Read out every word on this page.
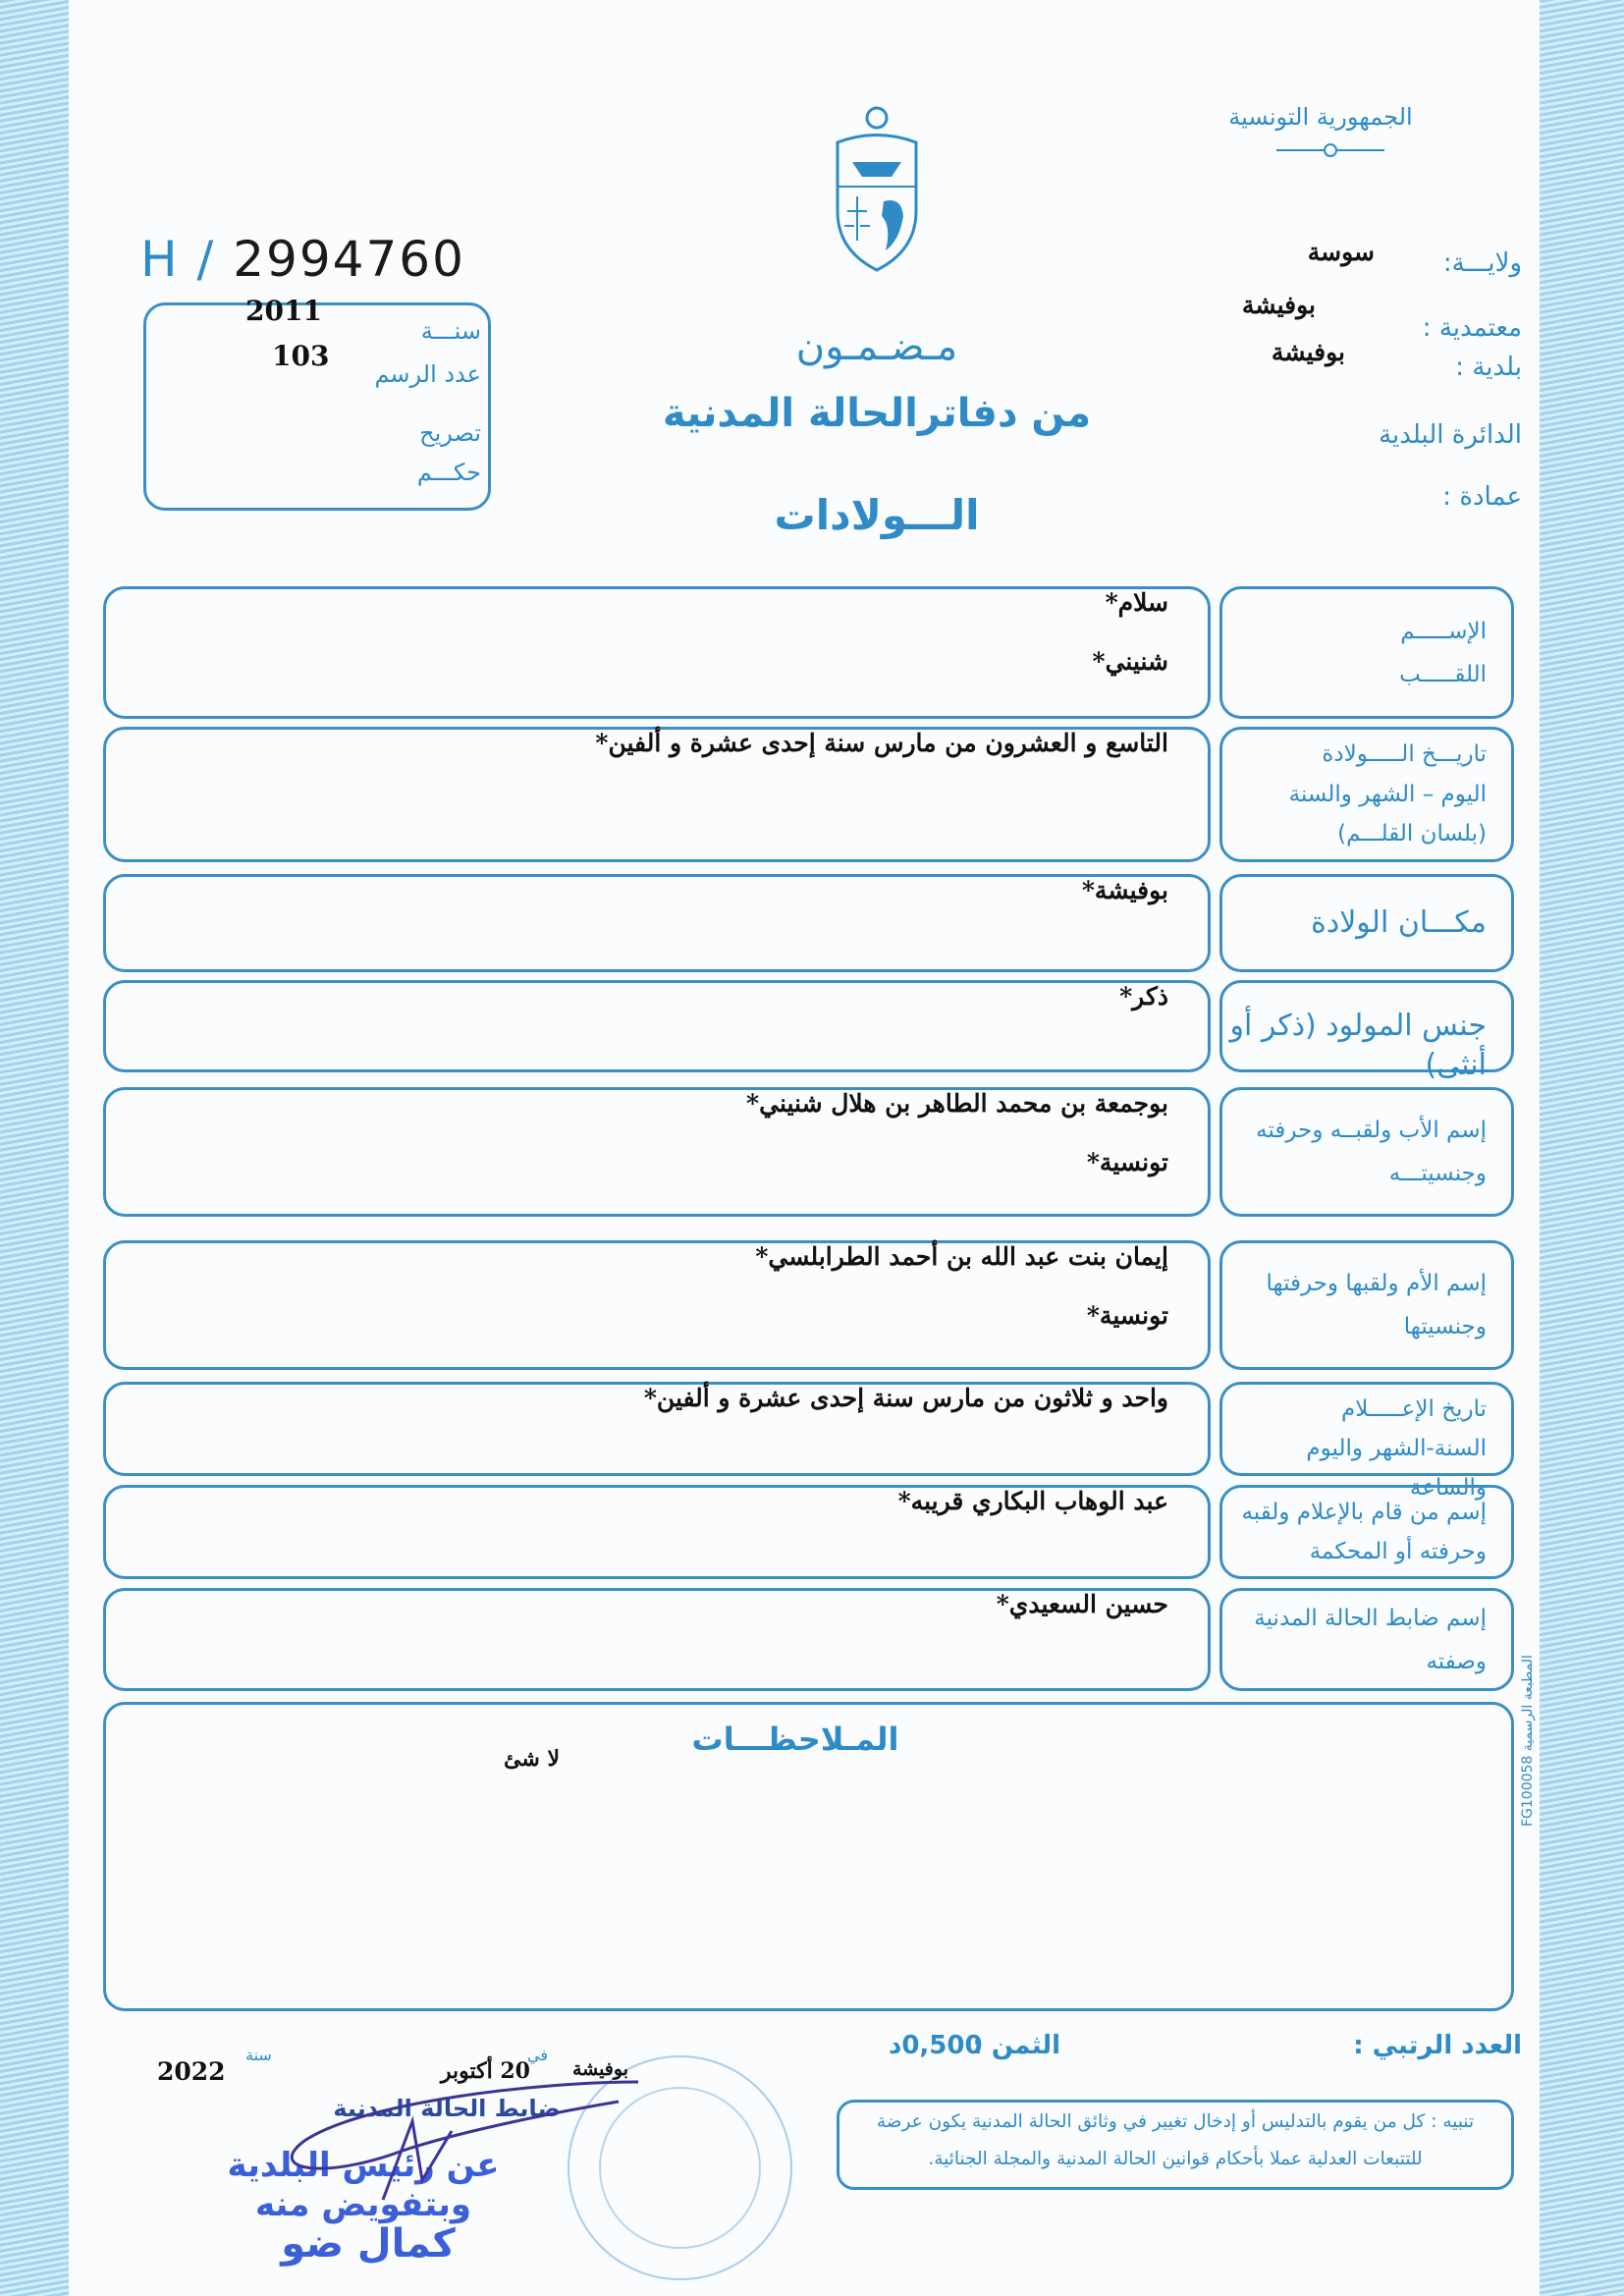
الجمهورية التونسية
H / 2994760
مـضـمـون
من دفاترالحالة المدنية
الـــولادات
ولايـــة:
سوسة
معتمدية :
بوفيشة
بلدية :
بوفيشة
الدائرة البلدية
عمادة :
2011
103
سنـــة
عدد الرسم
تصريح
حكـــم
الإســـــم
اللقـــــب
سلام*
شنيني*
تاريـــخ الـــــولادة
اليوم – الشهر والسنة
(بلسان القلـــم)
التاسع و العشرون من مارس سنة إحدى عشرة و ألفين*
مكـــان الولادة
بوفيشة*
جنس المولود (ذكر أو أنثى)
ذكر*
إسم الأب ولقبــه وحرفته
وجنسيتـــه
بوجمعة بن محمد الطاهر بن هلال شنيني*
تونسية*
إسم الأم ولقبها وحرفتها
وجنسيتها
إيمان بنت عبد الله بن أحمد الطرابلسي*
تونسية*
تاريخ الإعـــــلام
السنة-الشهر واليوم والساعة
واحد و ثلاثون من مارس سنة إحدى عشرة و ألفين*
إسم من قام بالإعلام ولقبه
وحرفته أو المحكمة
عبد الوهاب البكاري قريبه*
إسم ضابط الحالة المدنية
وصفته
حسين السعيدي*
المـلاحظـــات
لا شئ	المطبعة الرسمية FG100058
العدد الرتبي :
الثمن :
0,500د
تنبيه : كل من يقوم بالتدليس أو إدخال تغيير في وثائق الحالة المدنية يكون عرضة
للتتبعات العدلية عملا بأحكام قوانين الحالة المدنية والمجلة الجنائية.
2022
سنة
20 أكتوبر
في
بوفيشة
ضابط الحالة المدنية
عن رئيس البلدية وبتفويض منه
كمال ضو
